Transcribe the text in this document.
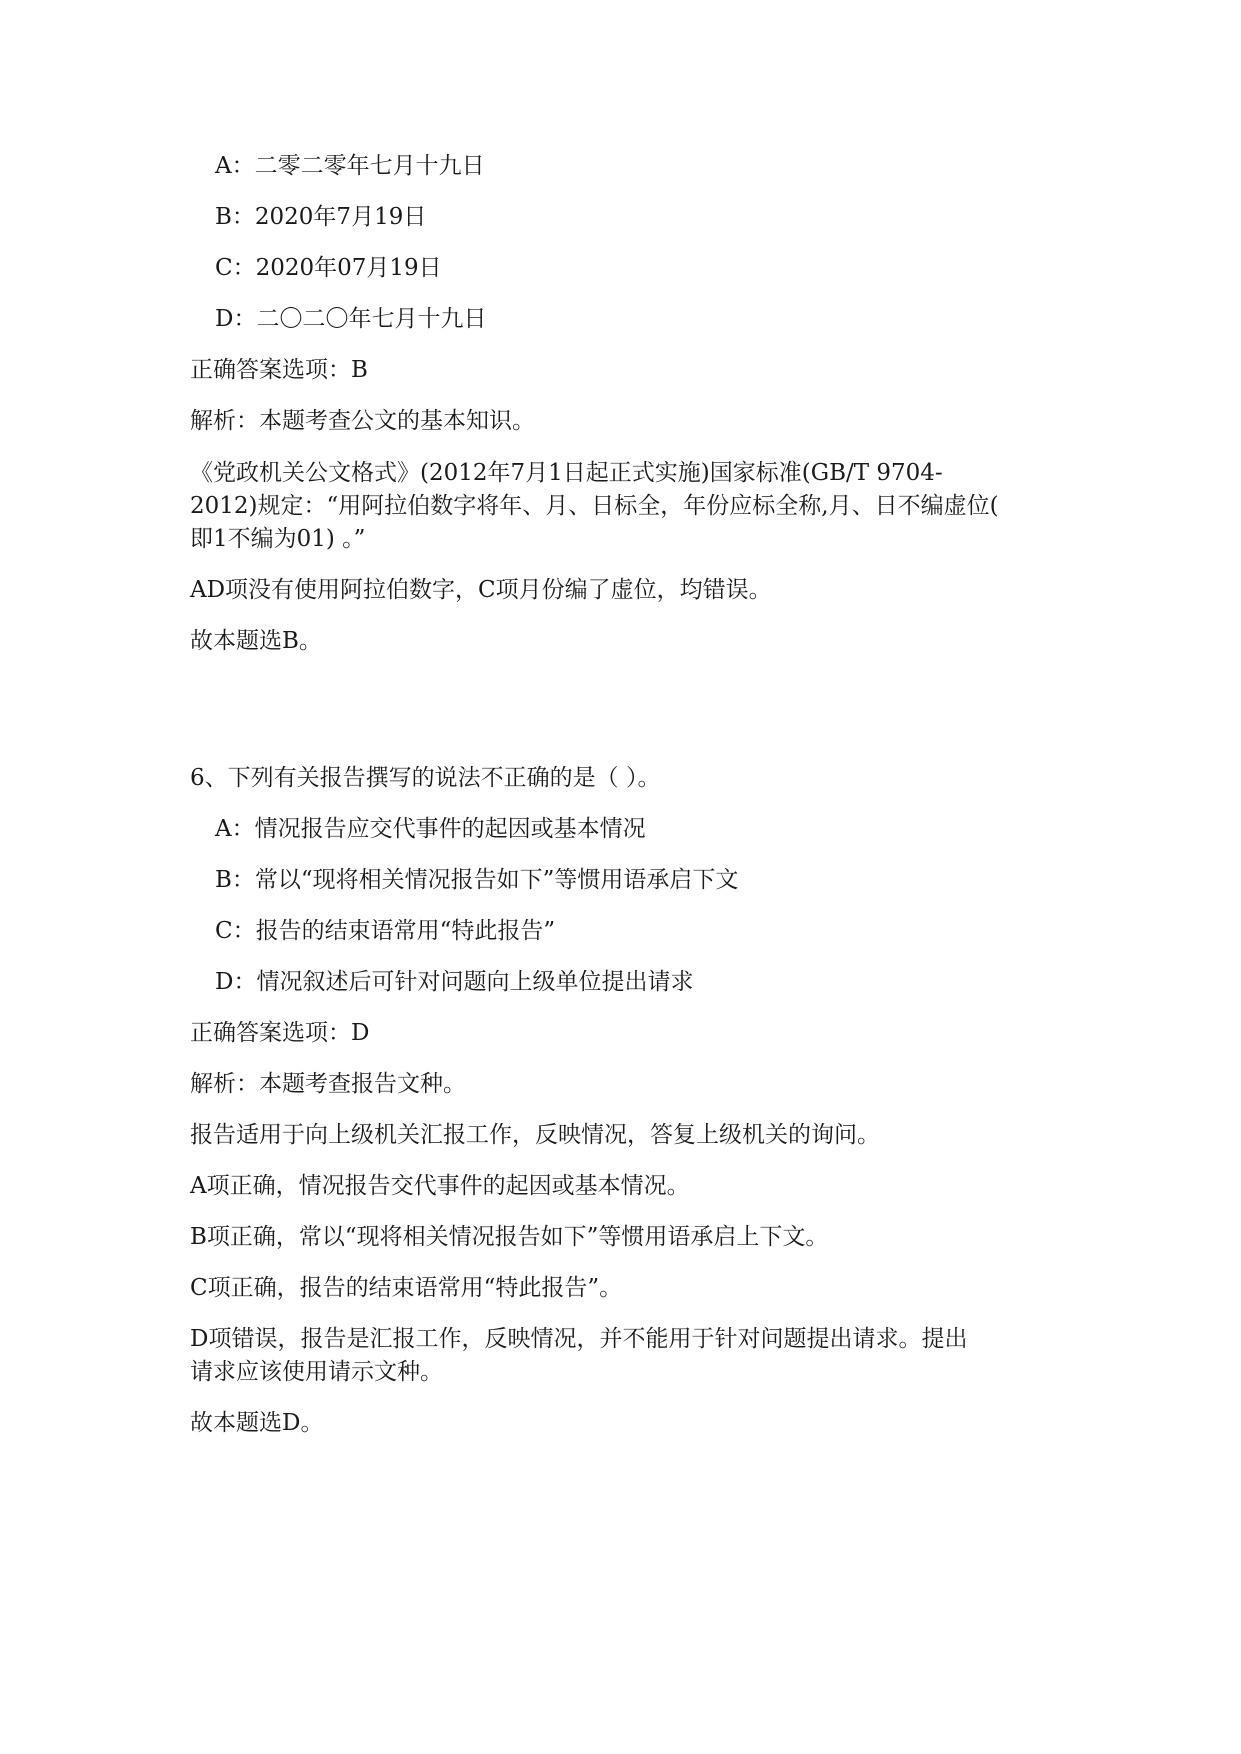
A：二零二零年七月十九日
B：2020年7月19日
C：2020年07月19日
D：二〇二〇年七月十九日
正确答案选项：B
解析：本题考查公文的基本知识。
《党政机关公文格式》(2012年7月1日起正式实施)国家标准(GB/T 9704-
2012)规定：“用阿拉伯数字将年、月、日标全，年份应标全称,月、日不编虚位(
即1不编为01) 。”
AD项没有使用阿拉伯数字，C项月份编了虚位，均错误。
故本题选B。
6、下列有关报告撰写的说法不正确的是（ ）。
A：情况报告应交代事件的起因或基本情况
B：常以“现将相关情况报告如下”等惯用语承启下文
C：报告的结束语常用“特此报告”
D：情况叙述后可针对问题向上级单位提出请求
正确答案选项：D
解析：本题考查报告文种。
报告适用于向上级机关汇报工作，反映情况，答复上级机关的询问。
A项正确，情况报告交代事件的起因或基本情况。
B项正确，常以“现将相关情况报告如下”等惯用语承启上下文。
C项正确，报告的结束语常用“特此报告”。
D项错误，报告是汇报工作，反映情况，并不能用于针对问题提出请求。提出
请求应该使用请示文种。
故本题选D。
